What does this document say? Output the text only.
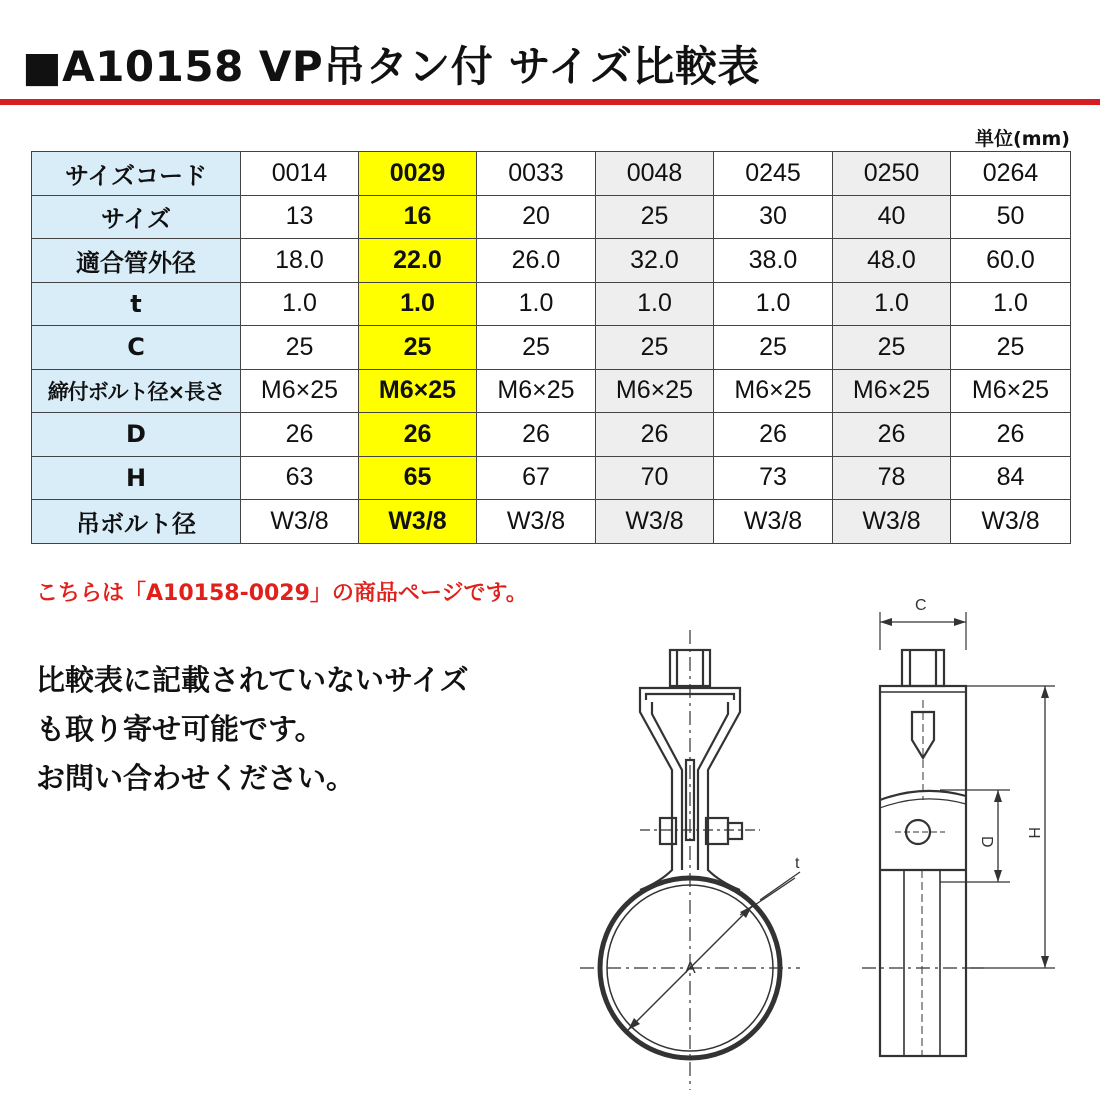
■A10158 VP吊タン付 サイズ比較表
単位(mm)
サイズコード	0014	0029	0033	0048	0245	0250	0264
サイズ	13	16	20	25	30	40	50
適合管外径	18.0	22.0	26.0	32.0	38.0	48.0	60.0
t	1.0	1.0	1.0	1.0	1.0	1.0	1.0
C	25	25	25	25	25	25	25
締付ボルト径×長さ	M6×25	M6×25	M6×25	M6×25	M6×25	M6×25	M6×25
D	26	26	26	26	26	26	26
H	63	65	67	70	73	78	84
吊ボルト径	W3/8	W3/8	W3/8	W3/8	W3/8	W3/8	W3/8
こちらは「A10158-0029」の商品ページです。
比較表に記載されていないサイズ
も取り寄せ可能です。
お問い合わせください。
t
A
C
D
H
